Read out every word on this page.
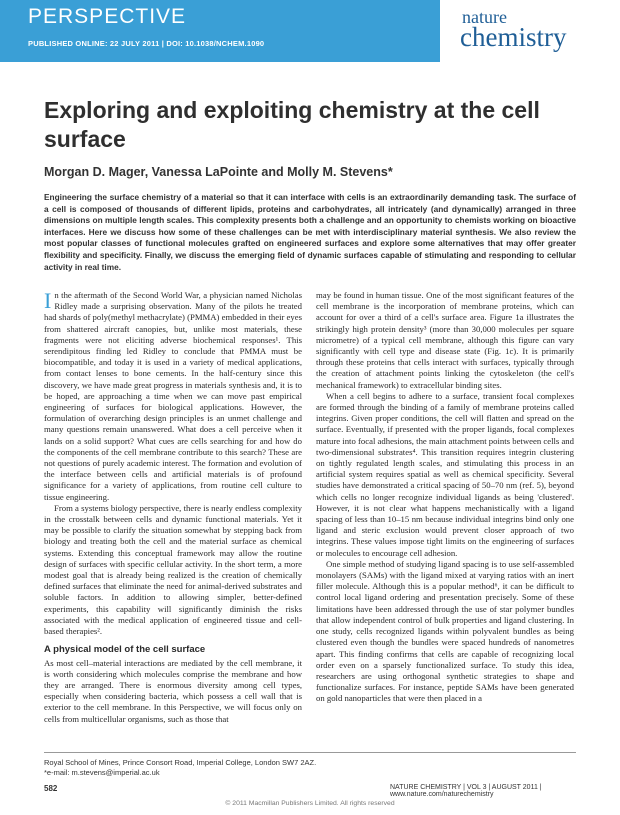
PERSPECTIVE
PUBLISHED ONLINE: 22 JULY 2011 | DOI: 10.1038/NCHEM.1090
nature
chemistry
Exploring and exploiting chemistry at the cell surface
Morgan D. Mager, Vanessa LaPointe and Molly M. Stevens*

Engineering the surface chemistry of a material so that it can interface with cells is an extraordinarily demanding task. The surface of a cell is composed of thousands of different lipids, proteins and carbohydrates, all intricately (and dynamically) arranged in three dimensions on multiple length scales. This complexity presents both a challenge and an opportunity to chemists working on bioactive interfaces. Here we discuss how some of these challenges can be met with interdisciplinary material synthesis. We also review the most popular classes of functional molecules grafted on engineered surfaces and explore some alternatives that may offer greater flexibility and specificity. Finally, we discuss the emerging field of dynamic surfaces capable of stimulating and responding to cellular activity in real time.

In the aftermath of the Second World War, a physician named Nicholas Ridley made a surprising observation. Many of the pilots he treated had shards of poly(methyl methacrylate) (PMMA) embedded in their eyes from shattered aircraft canopies, but, unlike most materials, these fragments were not eliciting adverse biochemical responses¹. This serendipitous finding led Ridley to conclude that PMMA must be biocompatible, and today it is used in a variety of medical applications, from contact lenses to bone cements. In the half-century since this discovery, we have made great progress in materials synthesis and, it is to be hoped, are approaching a time when we can move past empirical engineering of surfaces for biological applications. However, the formulation of overarching design principles is an unmet challenge and many questions remain unanswered. What does a cell perceive when it lands on a solid support? What cues are cells searching for and how do the components of the cell membrane contribute to this search? These are not questions of purely academic interest. The formation and evolution of the interface between cells and artificial materials is of profound significance for a variety of applications, from routine cell culture to tissue engineering.

From a systems biology perspective, there is nearly endless complexity in the crosstalk between cells and dynamic functional materials. Yet it may be possible to clarify the situation somewhat by stepping back from biology and treating both the cell and the material surface as chemical systems. Extending this conceptual framework may allow the routine design of surfaces with specific cellular activity. In the short term, a more modest goal that is already being realized is the creation of chemically defined surfaces that eliminate the need for animal-derived substrates and soluble factors. In addition to allowing simpler, better-defined experiments, this capability will significantly diminish the risks associated with the medical application of engineered tissue and cell-based therapies².

A physical model of the cell surface

As most cell–material interactions are mediated by the cell membrane, it is worth considering which molecules comprise the membrane and how they are arranged. There is enormous diversity among cell types, especially when considering bacteria, which possess a cell wall that is exterior to the cell membrane. In this Perspective, we will focus only on cells from multicellular organisms, such as those that

may be found in human tissue. One of the most significant features of the cell membrane is the incorporation of membrane proteins, which can account for over a third of a cell's surface area. Figure 1a illustrates the strikingly high protein density³ (more than 30,000 molecules per square micrometre) of a typical cell membrane, although this figure can vary significantly with cell type and disease state (Fig. 1c). It is primarily through these proteins that cells interact with surfaces, typically through the creation of attachment points linking the cytoskeleton (the cell's mechanical framework) to extracellular binding sites.

When a cell begins to adhere to a surface, transient focal complexes are formed through the binding of a family of membrane proteins called integrins. Given proper conditions, the cell will flatten and spread on the surface. Eventually, if presented with the proper ligands, focal complexes mature into focal adhesions, the main attachment points between cells and two-dimensional substrates⁴. This transition requires integrin clustering on tightly regulated length scales, and stimulating this process in an artificial system requires spatial as well as chemical specificity. Several studies have demonstrated a critical spacing of 50–70 nm (ref. 5), beyond which cells no longer recognize individual ligands as being 'clustered'. However, it is not clear what happens mechanistically with a ligand spacing of less than 10–15 nm because individual integrins bind only one ligand and steric exclusion would prevent closer approach of two integrins. These values impose tight limits on the engineering of surfaces or molecules to encourage cell adhesion.

One simple method of studying ligand spacing is to use self-assembled monolayers (SAMs) with the ligand mixed at varying ratios with an inert filler molecule. Although this is a popular method⁶, it can be difficult to control local ligand ordering and presentation precisely. Some of these limitations have been addressed through the use of star polymer bundles that allow independent control of bulk properties and ligand clustering. In one study, cells recognized ligands within polyvalent bundles as being clustered even though the bundles were spaced hundreds of nanometres apart. This finding confirms that cells are capable of recognizing local order even on a sparsely functionalized surface. To study this idea, researchers are using orthogonal synthetic strategies to shape and functionalize surfaces. For instance, peptide SAMs have been generated on gold nanoparticles that were then placed in a

Royal School of Mines, Prince Consort Road, Imperial College, London SW7 2AZ.
*e-mail: m.stevens@imperial.ac.uk
582	NATURE CHEMISTRY | VOL 3 | AUGUST 2011 | www.nature.com/naturechemistry
© 2011 Macmillan Publishers Limited. All rights reserved
